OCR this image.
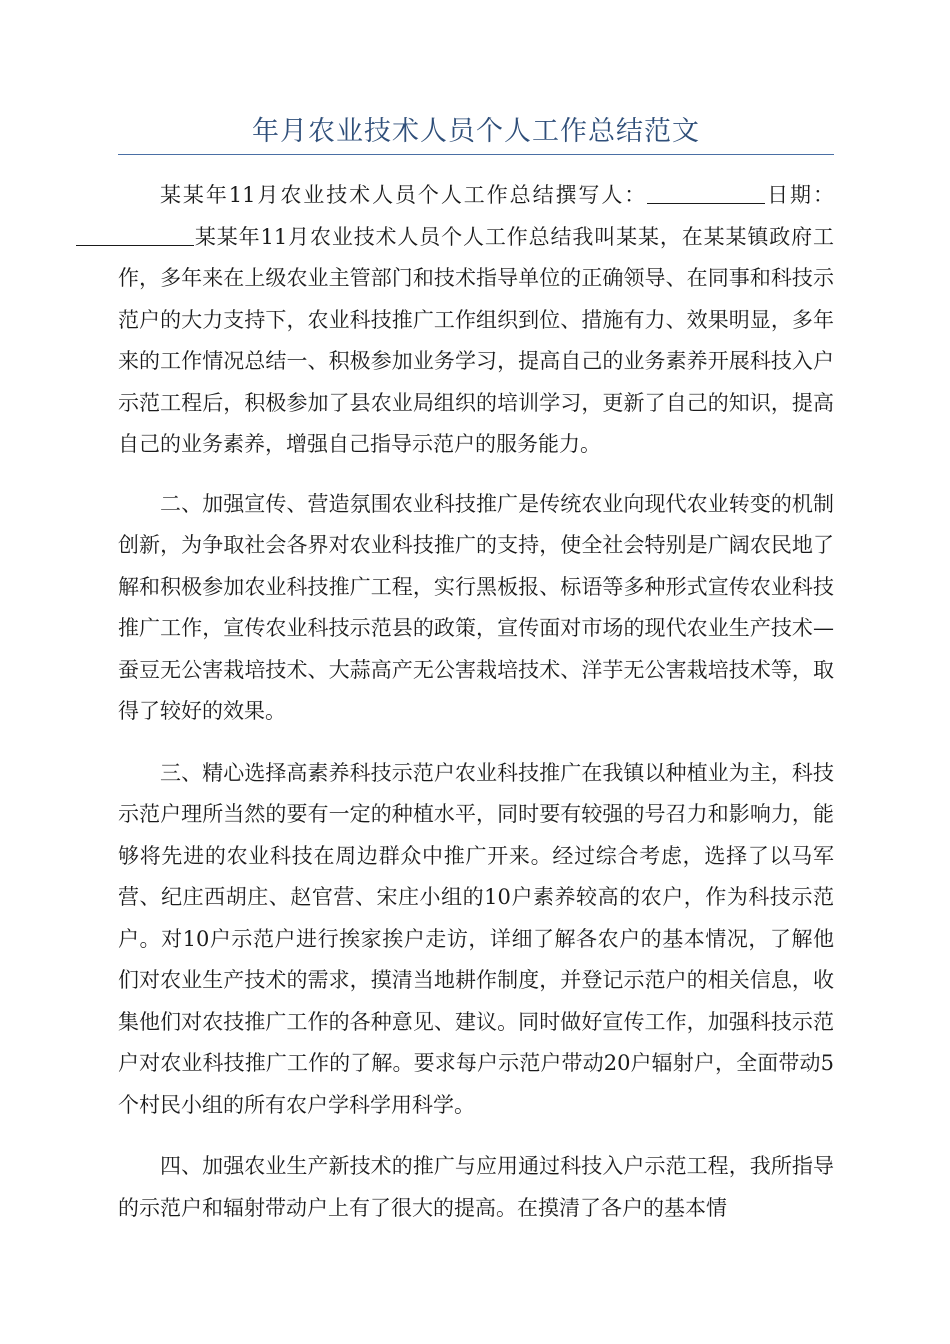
年月农业技术人员个人工作总结范文

某某年11月农业技术人员个人工作总结撰写人：	日期：某某年11月农业技术人员个人工作总结我叫某某，在某某镇政府工作，多年来在上级农业主管部门和技术指导单位的正确领导、在同事和科技示范户的大力支持下，农业科技推广工作组织到位、措施有力、效果明显，多年来的工作情况总结一、积极参加业务学习，提高自己的业务素养开展科技入户示范工程后，积极参加了县农业局组织的培训学习，更新了自己的知识，提高自己的业务素养，增强自己指导示范户的服务能力。

二、加强宣传、营造氛围农业科技推广是传统农业向现代农业转变的机制创新，为争取社会各界对农业科技推广的支持，使全社会特别是广阔农民地了解和积极参加农业科技推广工程，实行黑板报、标语等多种形式宣传农业科技推广工作，宣传农业科技示范县的政策，宣传面对市场的现代农业生产技术—蚕豆无公害栽培技术、大蒜高产无公害栽培技术、洋芋无公害栽培技术等，取得了较好的效果。

三、精心选择高素养科技示范户农业科技推广在我镇以种植业为主，科技示范户理所当然的要有一定的种植水平，同时要有较强的号召力和影响力，能够将先进的农业科技在周边群众中推广开来。经过综合考虑，选择了以马军营、纪庄西胡庄、赵官营、宋庄小组的10户素养较高的农户，作为科技示范户。对10户示范户进行挨家挨户走访，详细了解各农户的基本情况，了解他们对农业生产技术的需求，摸清当地耕作制度，并登记示范户的相关信息，收集他们对农技推广工作的各种意见、建议。同时做好宣传工作，加强科技示范户对农业科技推广工作的了解。要求每户示范户带动20户辐射户，全面带动5个村民小组的所有农户学科学用科学。

四、加强农业生产新技术的推广与应用通过科技入户示范工程，我所指导的示范户和辐射带动户上有了很大的提高。在摸清了各户的基本情
